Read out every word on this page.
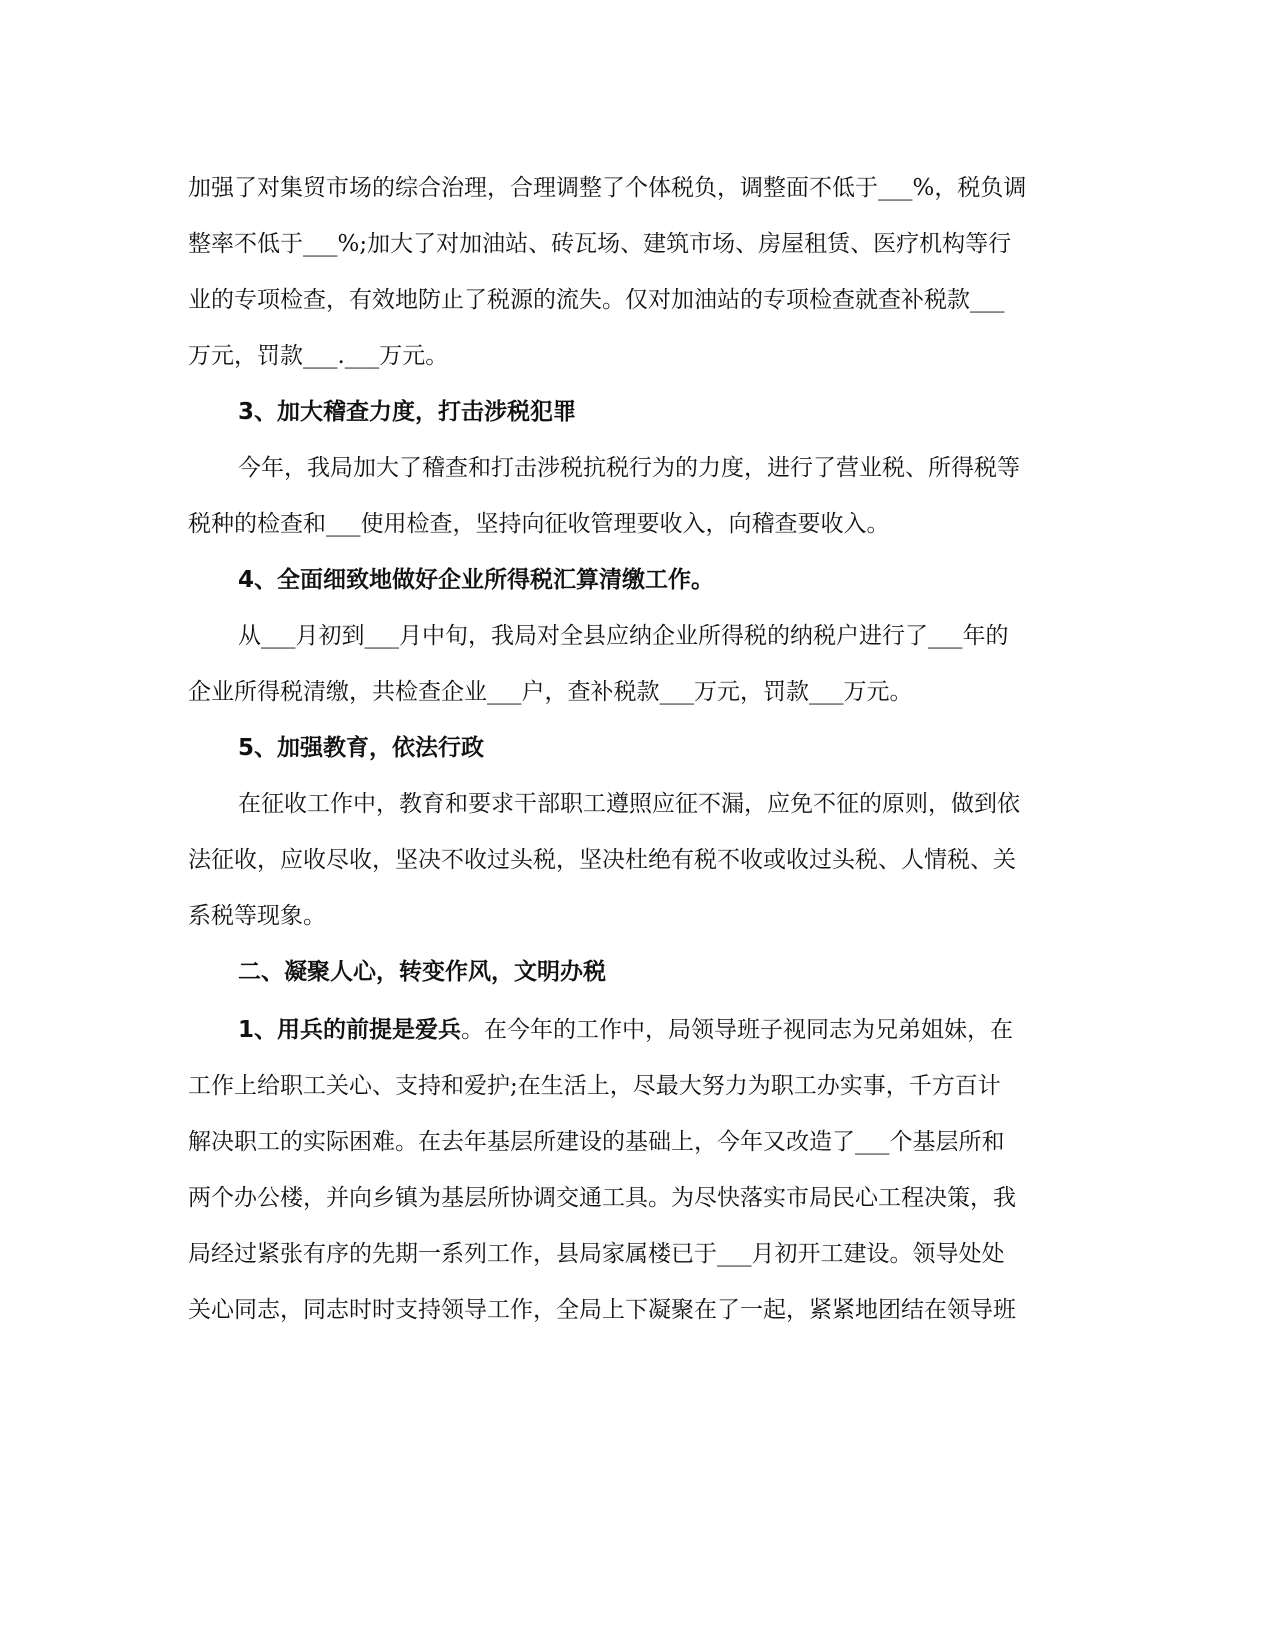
加强了对集贸市场的综合治理，合理调整了个体税负，调整面不低于___%，税负调
整率不低于___%;加大了对加油站、砖瓦场、建筑市场、房屋租赁、医疗机构等行
业的专项检查，有效地防止了税源的流失。仅对加油站的专项检查就查补税款___
万元，罚款___.___万元。
3、加大稽查力度，打击涉税犯罪
今年，我局加大了稽查和打击涉税抗税行为的力度，进行了营业税、所得税等
税种的检查和___使用检查，坚持向征收管理要收入，向稽查要收入。
4、全面细致地做好企业所得税汇算清缴工作。
从___月初到___月中旬，我局对全县应纳企业所得税的纳税户进行了___年的
企业所得税清缴，共检查企业___户，查补税款___万元，罚款___万元。
5、加强教育，依法行政
在征收工作中，教育和要求干部职工遵照应征不漏，应免不征的原则，做到依
法征收，应收尽收，坚决不收过头税，坚决杜绝有税不收或收过头税、人情税、关
系税等现象。
二、凝聚人心，转变作风，文明办税
1、用兵的前提是爱兵。在今年的工作中，局领导班子视同志为兄弟姐妹，在
工作上给职工关心、支持和爱护;在生活上，尽最大努力为职工办实事，千方百计
解决职工的实际困难。在去年基层所建设的基础上，今年又改造了___个基层所和
两个办公楼，并向乡镇为基层所协调交通工具。为尽快落实市局民心工程决策，我
局经过紧张有序的先期一系列工作，县局家属楼已于___月初开工建设。领导处处
关心同志，同志时时支持领导工作，全局上下凝聚在了一起，紧紧地团结在领导班
